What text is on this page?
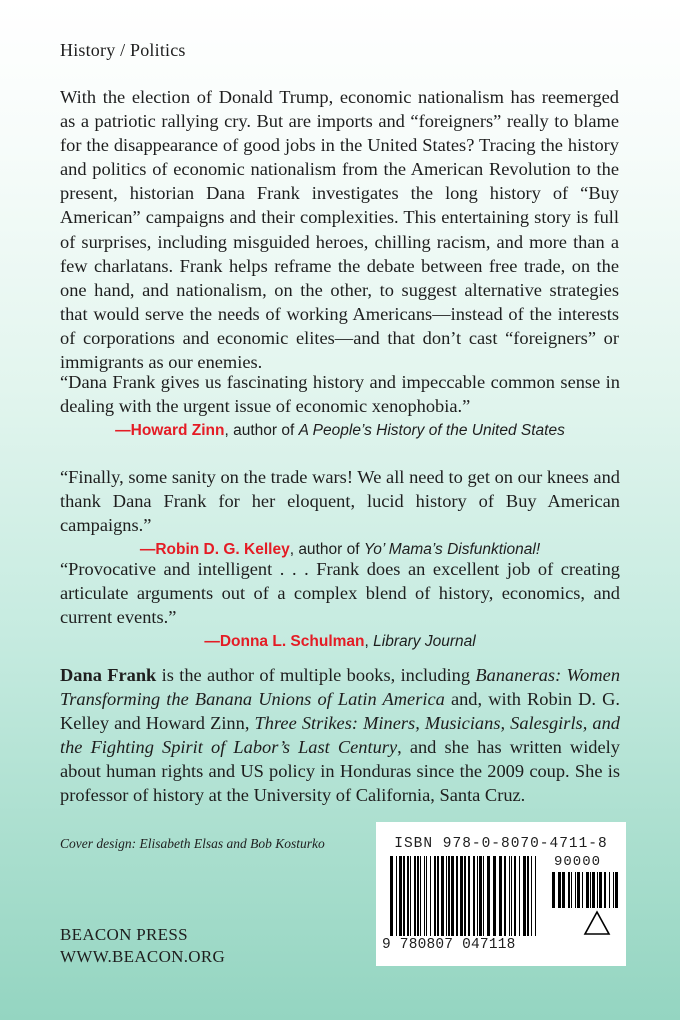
History / Politics

With the election of Donald Trump, economic nationalism has reemerged as a patriotic rallying cry. But are imports and “foreigners” really to blame for the disappearance of good jobs in the United States? Tracing the history and politics of economic nationalism from the American Revolution to the present, historian Dana Frank investigates the long history of “Buy American” campaigns and their complexities. This entertaining story is full of surprises, including misguided heroes, chilling racism, and more than a few charlatans. Frank helps reframe the debate between free trade, on the one hand, and nationalism, on the other, to suggest alternative strategies that would serve the needs of working Americans—instead of the interests of corporations and economic elites—and that don’t cast “foreigners” or immigrants as our enemies.

“Dana Frank gives us fascinating history and impeccable common sense in dealing with the urgent issue of economic xenophobia.”

—Howard Zinn, author of A People’s History of the United States

“Finally, some sanity on the trade wars! We all need to get on our knees and thank Dana Frank for her eloquent, lucid history of Buy American campaigns.”

—Robin D. G. Kelley, author of Yo’ Mama’s Disfunktional!

“Provocative and intelligent . . . Frank does an excellent job of creating articulate arguments out of a complex blend of history, economics, and current events.”

—Donna L. Schulman, Library Journal

Dana Frank is the author of multiple books, including Bananeras: Women Transforming the Banana Unions of Latin America and, with Robin D. G. Kelley and Howard Zinn, Three Strikes: Miners, Musicians, Salesgirls, and the Fighting Spirit of Labor’s Last Century, and she has written widely about human rights and US policy in Honduras since the 2009 coup. She is professor of history at the University of California, Santa Cruz.

Cover design: Elisabeth Elsas and Bob Kosturko
BEACON PRESS
WWW.BEACON.ORG
ISBN 978-0-8070-4711-8
90000
9 780807 047118
